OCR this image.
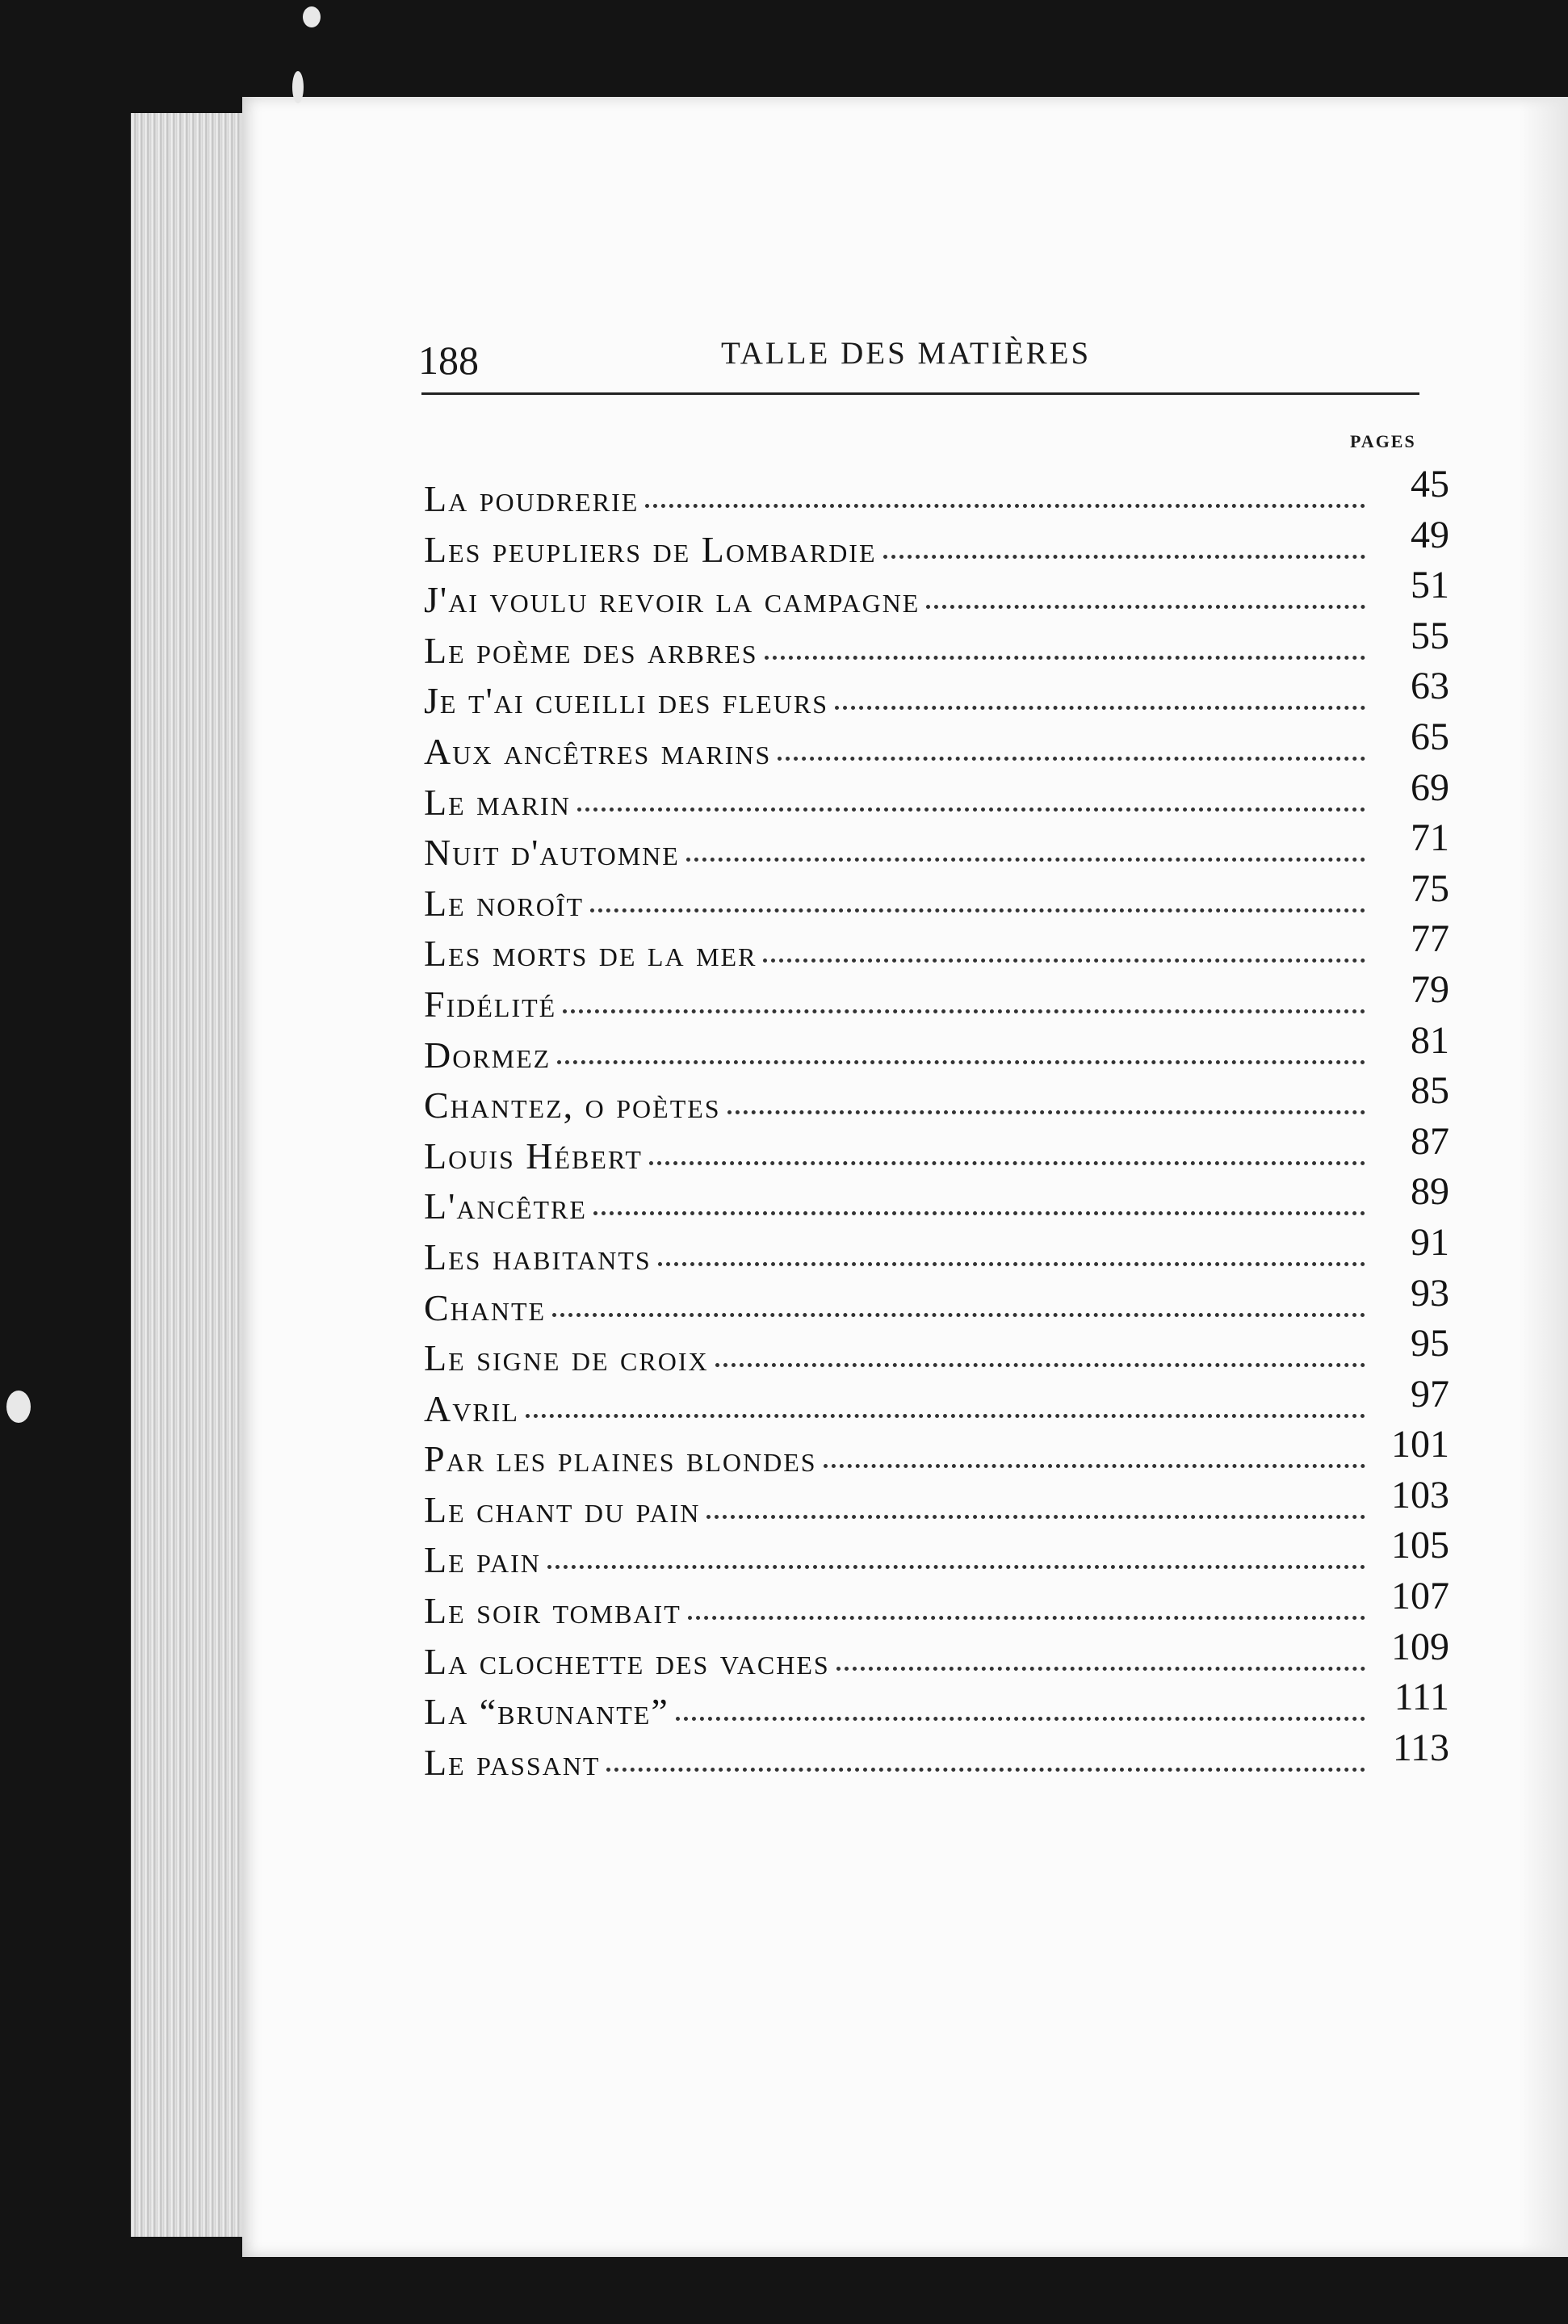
188	TALLE DES MATIÈRES
PAGES
La poudrerie	45
Les peupliers de Lombardie	49
J'ai voulu revoir la campagne	51
Le poème des arbres	55
Je t'ai cueilli des fleurs	63
Aux ancêtres marins	65
Le marin	69
Nuit d'automne	71
Le noroît	75
Les morts de la mer	77
Fidélité	79
Dormez	81
Chantez, o poètes	85
Louis Hébert	87
L'ancêtre	89
Les habitants	91
Chante	93
Le signe de croix	95
Avril	97
Par les plaines blondes	101
Le chant du pain	103
Le pain	105
Le soir tombait	107
La clochette des vaches	109
La “brunante”	111
Le passant	113
